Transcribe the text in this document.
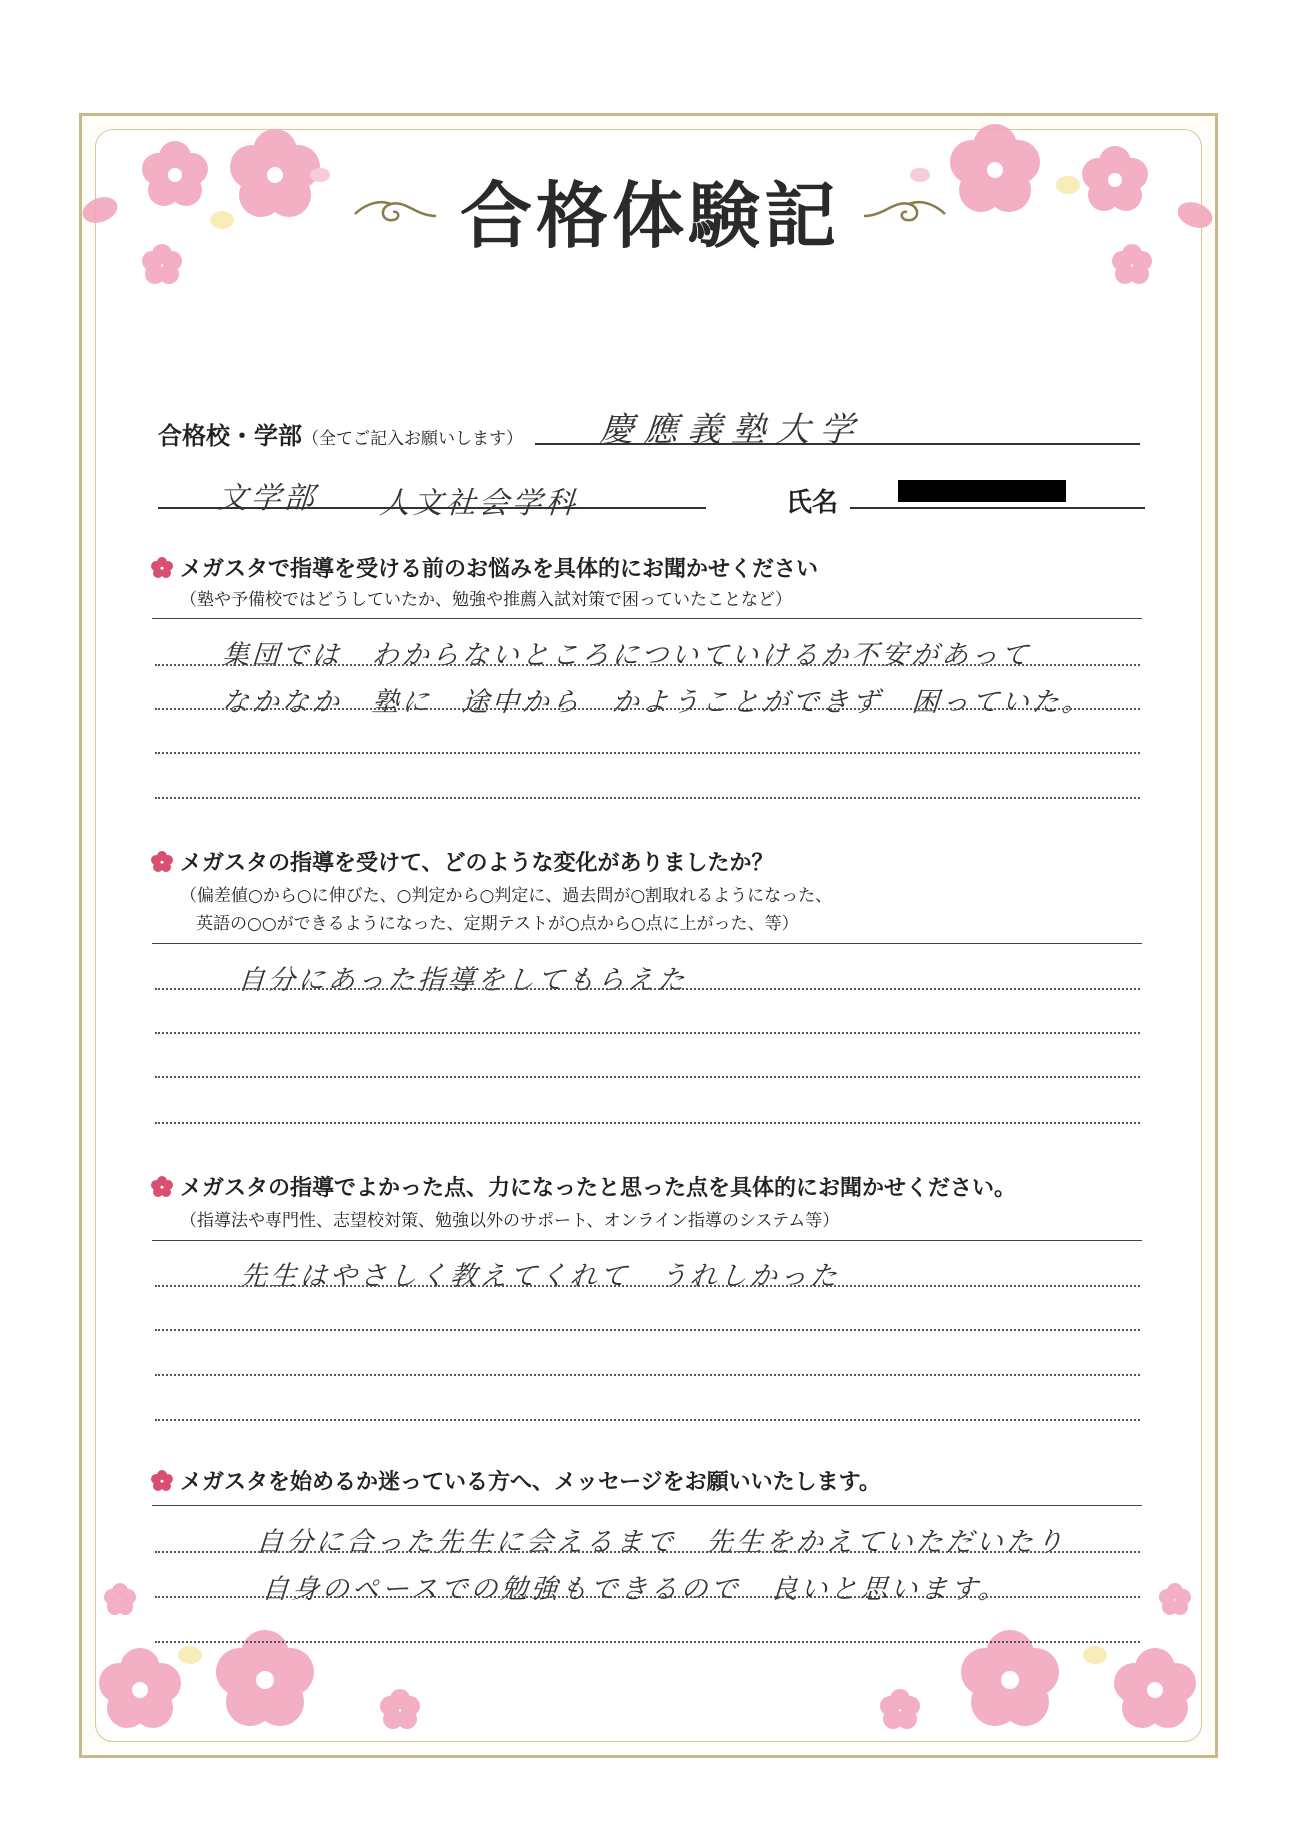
合格体験記
合格校・学部（全てご記入お願いします） 慶應義塾大学
文学部 人文社会学科	氏名
メガスタで指導を受ける前のお悩みを具体的にお聞かせください
（塾や予備校ではどうしていたか、勉強や推薦入試対策で困っていたことなど）
集団では　わからないところについていけるか不安があって
なかなか　塾に　途中から　かようことができず　困っていた。
メガスタの指導を受けて、どのような変化がありましたか？
（偏差値○から○に伸びた、○判定から○判定に、過去問が○割取れるようになった、
英語の○○ができるようになった、定期テストが○点から○点に上がった、等）
自分にあった指導をしてもらえた
メガスタの指導でよかった点、力になったと思った点を具体的にお聞かせください。
（指導法や専門性、志望校対策、勉強以外のサポート、オンライン指導のシステム等）
先生はやさしく教えてくれて　うれしかった
メガスタを始めるか迷っている方へ、メッセージをお願いいたします。
自分に合った先生に会えるまで　先生をかえていただいたり
自身のペースでの勉強もできるので　良いと思います。
